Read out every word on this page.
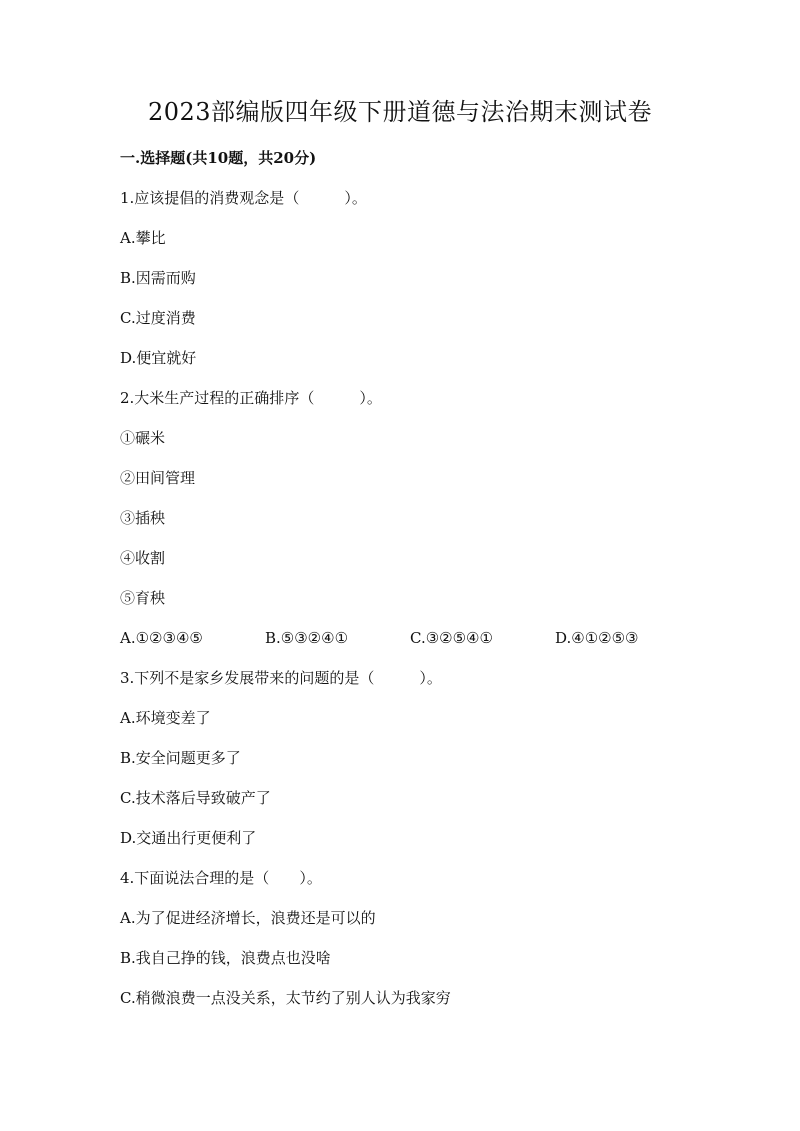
2023部编版四年级下册道德与法治期末测试卷
一.选择题(共10题，共20分)
1.应该提倡的消费观念是（　　　）。
A.攀比
B.因需而购
C.过度消费
D.便宜就好
2.大米生产过程的正确排序（　　　）。
①碾米
②田间管理
③插秧
④收割
⑤育秧
A.①②③④⑤	B.⑤③②④①	C.③②⑤④①	D.④①②⑤③
3.下列不是家乡发展带来的问题的是（　　　）。
A.环境变差了
B.安全问题更多了
C.技术落后导致破产了
D.交通出行更便利了
4.下面说法合理的是（　　）。
A.为了促进经济增长，浪费还是可以的
B.我自己挣的钱，浪费点也没啥
C.稍微浪费一点没关系，太节约了别人认为我家穷
